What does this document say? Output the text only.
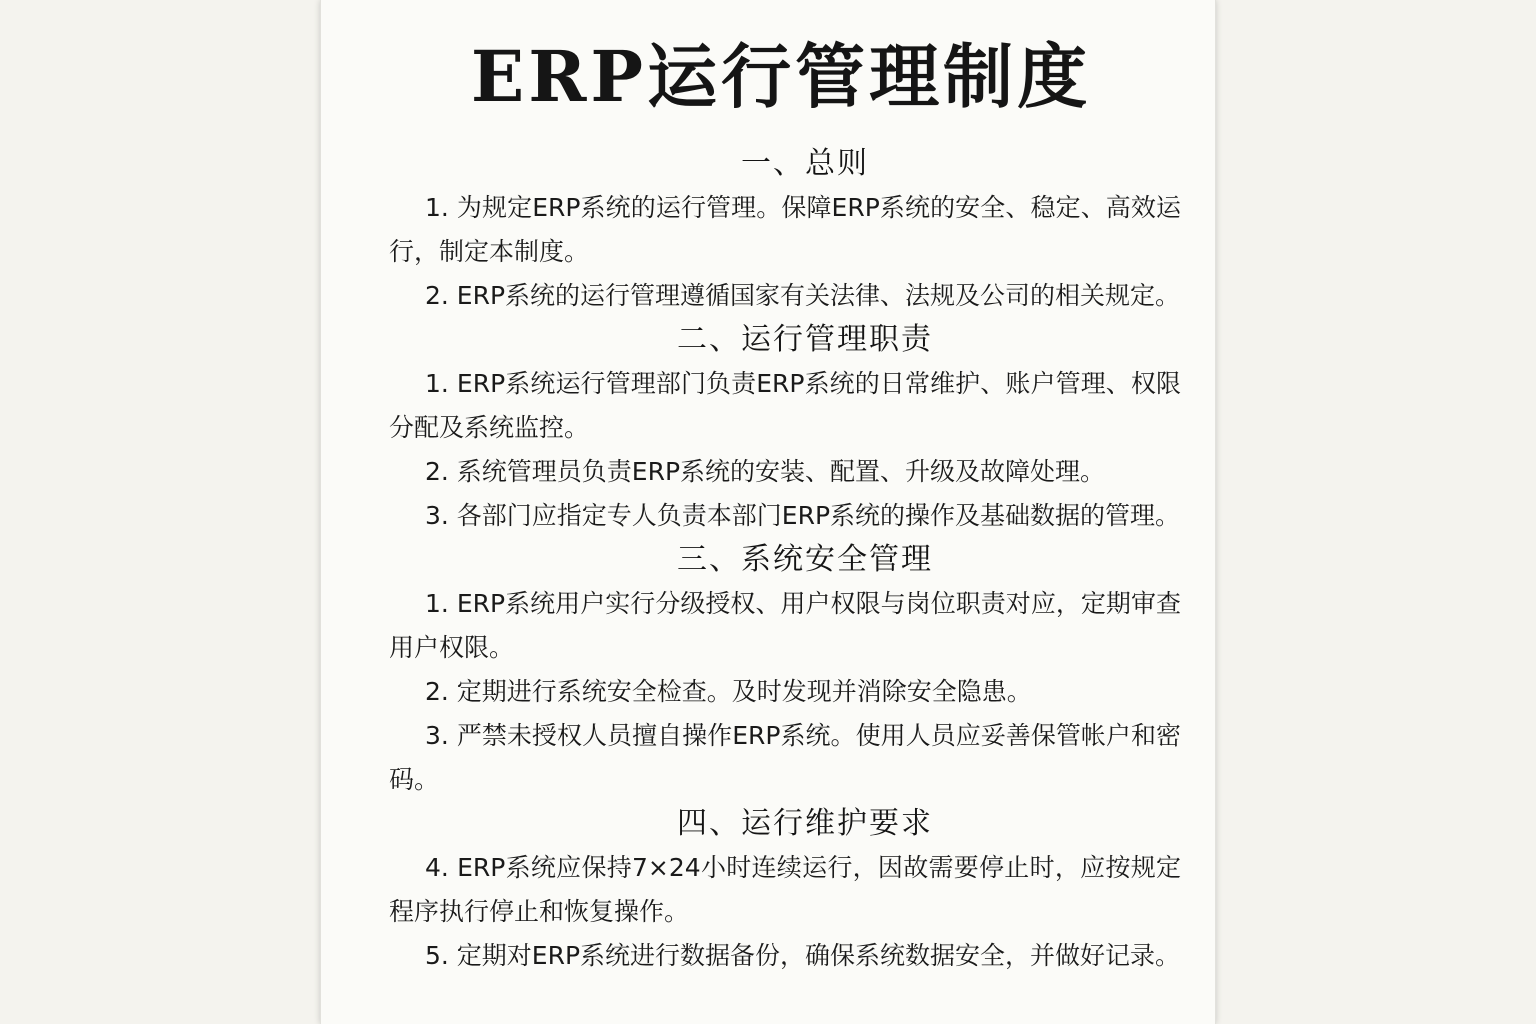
ERP运行管理制度
一、总则

1. 为规定ERP系统的运行管理。保障ERP系统的安全、稳定、高效运行，制定本制度。

2. ERP系统的运行管理遵循国家有关法律、法规及公司的相关规定。

二、运行管理职责

1. ERP系统运行管理部门负责ERP系统的日常维护、账户管理、权限分配及系统监控。

2. 系统管理员负责ERP系统的安装、配置、升级及故障处理。

3. 各部门应指定专人负责本部门ERP系统的操作及基础数据的管理。

三、系统安全管理

1. ERP系统用户实行分级授权、用户权限与岗位职责对应，定期审查用户权限。

2. 定期进行系统安全检查。及时发现并消除安全隐患。

3. 严禁未授权人员擅自操作ERP系统。使用人员应妥善保管帐户和密码。

四、运行维护要求

4. ERP系统应保持7×24小时连续运行，因故需要停止时，应按规定程序执行停止和恢复操作。

5. 定期对ERP系统进行数据备份，确保系统数据安全，并做好记录。
